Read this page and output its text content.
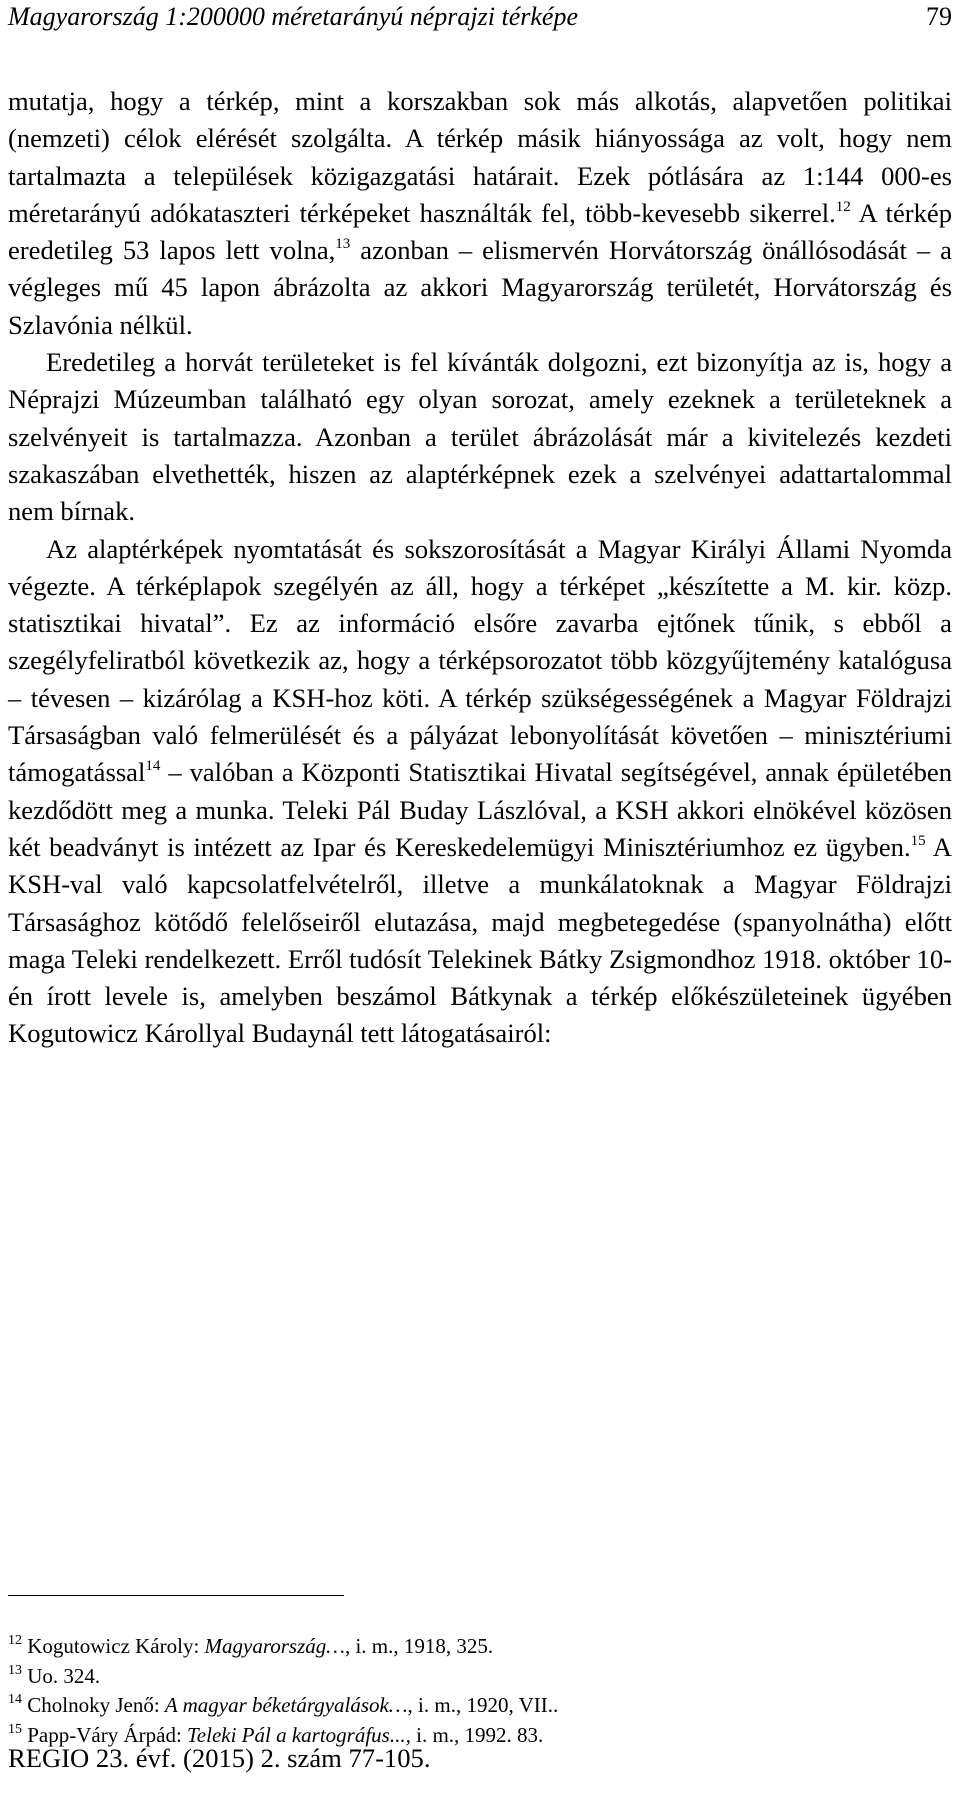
Magyarország 1:200000 méretarányú néprajzi térképe	79

mutatja, hogy a térkép, mint a korszakban sok más alkotás, alapvetően politikai (nemzeti) célok elérését szolgálta. A térkép másik hiányossága az volt, hogy nem tartalmazta a települések közigazgatási határait. Ezek pótlására az 1:144 000-es méretarányú adókataszteri térképeket használták fel, több-kevesebb sikerrel.$^{12}$ A térkép eredetileg 53 lapos lett volna,$^{13}$ azonban – elismervén Horvátország önállósodását – a végleges mű 45 lapon ábrázolta az akkori Magyarország területét, Horvátország és Szlavónia nélkül.

Eredetileg a horvát területeket is fel kívánták dolgozni, ezt bizonyítja az is, hogy a Néprajzi Múzeumban található egy olyan sorozat, amely ezeknek a területeknek a szelvényeit is tartalmazza. Azonban a terület ábrázolását már a kivitelezés kezdeti szakaszában elvethették, hiszen az alaptérképnek ezek a szelvényei adattartalommal nem bírnak.

Az alaptérképek nyomtatását és sokszorosítását a Magyar Királyi Állami Nyomda végezte. A térképlapok szegélyén az áll, hogy a térképet „készítette a M. kir. közp. statisztikai hivatal”. Ez az információ elsőre zavarba ejtőnek tűnik, s ebből a szegélyfeliratból következik az, hogy a térképsorozatot több közgyűjtemény katalógusa – tévesen – kizárólag a KSH-hoz köti. A térkép szükségességének a Magyar Földrajzi Társaságban való felmerülését és a pályázat lebonyolítását követően – minisztériumi támogatással$^{14}$ – valóban a Központi Statisztikai Hivatal segítségével, annak épületében kezdődött meg a munka. Teleki Pál Buday Lászlóval, a KSH akkori elnökével közösen két beadványt is intézett az Ipar és Kereskedelemügyi Minisztériumhoz ez ügyben.$^{15}$ A KSH-val való kapcsolatfelvételről, illetve a munkálatoknak a Magyar Földrajzi Társasághoz kötődő felelőseiről elutazása, majd megbetegedése (spanyolnátha) előtt maga Teleki rendelkezett. Erről tudósít Telekinek Bátky Zsigmondhoz 1918. október 10-én írott levele is, amelyben beszámol Bátkynak a térkép előkészületeinek ügyében Kogutowicz Károllyal Budaynál tett látogatásairól:

$^{12}$ Kogutowicz Károly: Magyarország…, i. m., 1918, 325.

$^{13}$ Uo. 324.

$^{14}$ Cholnoky Jenő: A magyar béketárgyalások…, i. m., 1920, VII..

$^{15}$ Papp-Váry Árpád: Teleki Pál a kartográfus..., i. m., 1992. 83.

REGIO 23. évf. (2015) 2. szám 77-105.
